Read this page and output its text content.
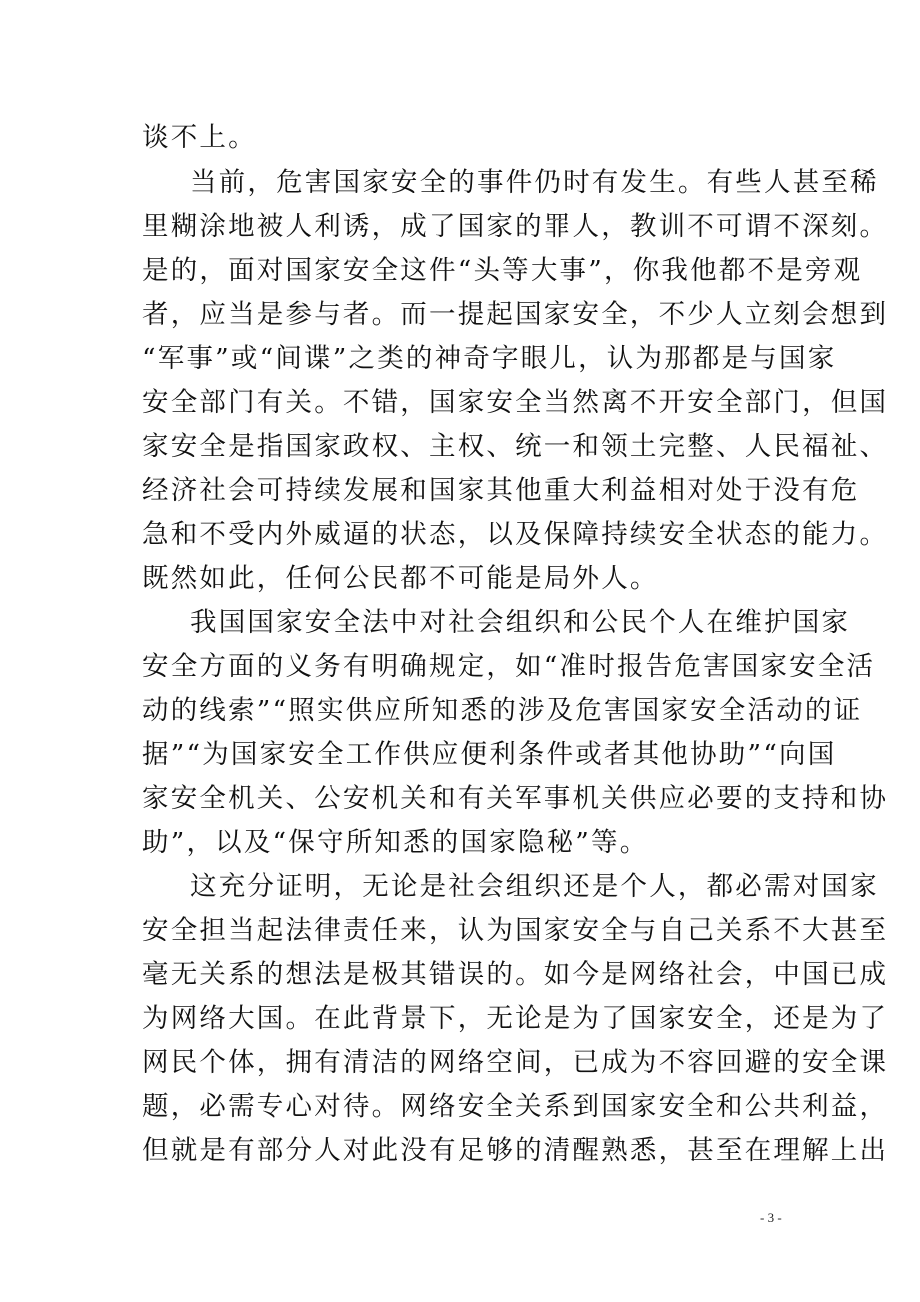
谈不上。
当前，危害国家安全的事件仍时有发生。有些人甚至稀
里糊涂地被人利诱，成了国家的罪人，教训不可谓不深刻。
是的，面对国家安全这件“头等大事”，你我他都不是旁观
者，应当是参与者。而一提起国家安全，不少人立刻会想到
“军事”或“间谍”之类的神奇字眼儿，认为那都是与国家
安全部门有关。不错，国家安全当然离不开安全部门，但国
家安全是指国家政权、主权、统一和领土完整、人民福祉、
经济社会可持续发展和国家其他重大利益相对处于没有危
急和不受内外威逼的状态，以及保障持续安全状态的能力。
既然如此，任何公民都不可能是局外人。
我国国家安全法中对社会组织和公民个人在维护国家
安全方面的义务有明确规定，如“准时报告危害国家安全活
动的线索”“照实供应所知悉的涉及危害国家安全活动的证
据”“为国家安全工作供应便利条件或者其他协助”“向国
家安全机关、公安机关和有关军事机关供应必要的支持和协
助”，以及“保守所知悉的国家隐秘”等。
这充分证明，无论是社会组织还是个人，都必需对国家
安全担当起法律责任来，认为国家安全与自己关系不大甚至
毫无关系的想法是极其错误的。如今是网络社会，中国已成
为网络大国。在此背景下，无论是为了国家安全，还是为了
网民个体，拥有清洁的网络空间，已成为不容回避的安全课
题，必需专心对待。网络安全关系到国家安全和公共利益，
但就是有部分人对此没有足够的清醒熟悉，甚至在理解上出
- 3 -
